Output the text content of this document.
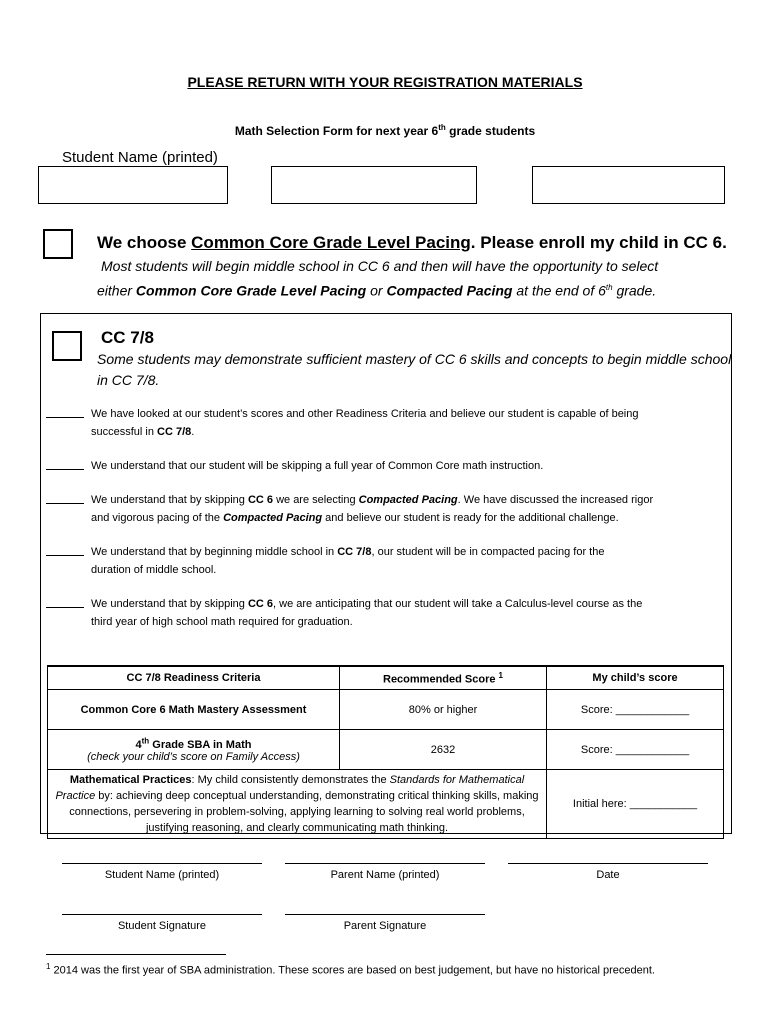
PLEASE RETURN WITH YOUR REGISTRATION MATERIALS
Math Selection Form for next year 6th grade students
Student Name (printed)
We choose Common Core Grade Level Pacing. Please enroll my child in CC 6.
Most students will begin middle school in CC 6 and then will have the opportunity to select
either Common Core Grade Level Pacing or Compacted Pacing at the end of 6th grade.
CC 7/8
Some students may demonstrate sufficient mastery of CC 6 skills and concepts to begin middle school
in CC 7/8.
We have looked at our student’s scores and other Readiness Criteria and believe our student is capable of being
successful in CC 7/8.
We understand that our student will be skipping a full year of Common Core math instruction.
We understand that by skipping CC 6 we are selecting Compacted Pacing. We have discussed the increased rigor
and vigorous pacing of the Compacted Pacing and believe our student is ready for the additional challenge.
We understand that by beginning middle school in CC 7/8, our student will be in compacted pacing for the
duration of middle school.
We understand that by skipping CC 6, we are anticipating that our student will take a Calculus-level course as the
third year of high school math required for graduation.
CC 7/8 Readiness Criteria	Recommended Score $^1$	My child’s score
Common Core 6 Math Mastery Assessment	80% or higher	Score: ____________
4th Grade SBA in Math
(check your child’s score on Family Access)	2632	Score: ____________
Mathematical Practices: My child consistently demonstrates the Standards for Mathematical Practice by: achieving deep conceptual understanding, demonstrating critical thinking skills, making connections, persevering in problem-solving, applying learning to solving real world problems, justifying reasoning, and clearly communicating math thinking.		Initial here: ___________
Student Name (printed)	Parent Name (printed)	Date
Student Signature	Parent Signature
$^1$ 2014 was the first year of SBA administration. These scores are based on best judgement, but have no historical precedent.
